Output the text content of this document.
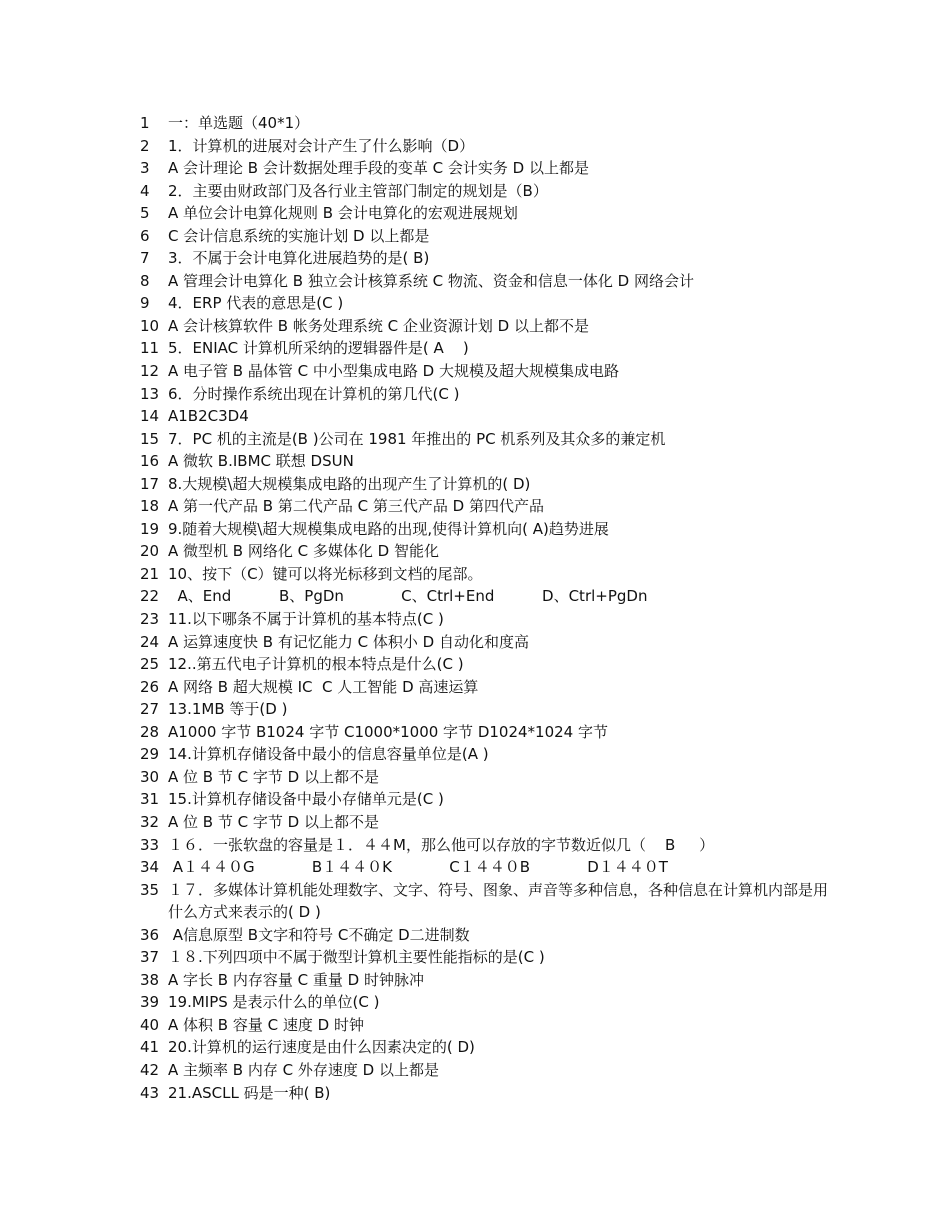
1	一：单选题（40*1）
2	1．计算机的进展对会计产生了什么影响（D）
3	A 会计理论 B 会计数据处理手段的变革 C 会计实务 D 以上都是
4	2．主要由财政部门及各行业主管部门制定的规划是（B）
5	A 单位会计电算化规则 B 会计电算化的宏观进展规划
6	C 会计信息系统的实施计划 D 以上都是
7	3．不属于会计电算化进展趋势的是( B)
8	A 管理会计电算化 B 独立会计核算系统 C 物流、资金和信息一体化 D 网络会计
9	4．ERP 代表的意思是(C )
10 A 会计核算软件 B 帐务处理系统 C 企业资源计划 D 以上都不是
11 5．ENIAC 计算机所采纳的逻辑器件是( A    )
12 A 电子管 B 晶体管 C 中小型集成电路 D 大规模及超大规模集成电路
13 6．分时操作系统出现在计算机的第几代(C )
14 A1B2C3D4
15 7．PC 机的主流是(B )公司在 1981 年推出的 PC 机系列及其众多的兼定机
16 A 微软 B.IBMC 联想 DSUN
17 8.大规模\超大规模集成电路的出现产生了计算机的( D)
18 A 第一代产品 B 第二代产品 C 第三代产品 D 第四代产品
19 9.随着大规模\超大规模集成电路的出现,使得计算机向( A)趋势进展
20 A 微型机 B 网络化 C 多媒体化 D 智能化
21 10、按下（C）键可以将光标移到文档的尾部。
22 A、End          B、PgDn            C、Ctrl+End          D、Ctrl+PgDn
23 11.以下哪条不属于计算机的基本特点(C )
24 A 运算速度快 B 有记忆能力 C 体积小 D 自动化和度高
25 12..第五代电子计算机的根本特点是什么(C )
26 A 网络 B 超大规模 IC  C 人工智能 D 高速运算
27 13.1MB 等于(D )
28 A1000 字节 B1024 字节 C1000*1000 字节 D1024*1024 字节
29 14.计算机存储设备中最小的信息容量单位是(A )
30 A 位 B 节 C 字节 D 以上都不是
31 15.计算机存储设备中最小存储单元是(C )
32 A 位 B 节 C 字节 D 以上都不是
33 １６．一张软盘的容量是１．４４M，那么他可以存放的字节数近似几（    B     ）
34 A１４４０G            B１４４０K            C１４４０B            D１４４０T
35 １７．多媒体计算机能处理数字、文字、符号、图象、声音等多种信息，各种信息在计算机内部是用什么方式来表示的( D )
36 A信息原型 B文字和符号 C不确定 D二进制数
37 １８.下列四项中不属于微型计算机主要性能指标的是(C )
38 A 字长 B 内存容量 C 重量 D 时钟脉冲
39 19.MIPS 是表示什么的单位(C )
40 A 体积 B 容量 C 速度 D 时钟
41 20.计算机的运行速度是由什么因素决定的( D)
42 A 主频率 B 内存 C 外存速度 D 以上都是
43 21.ASCLL 码是一种( B)
